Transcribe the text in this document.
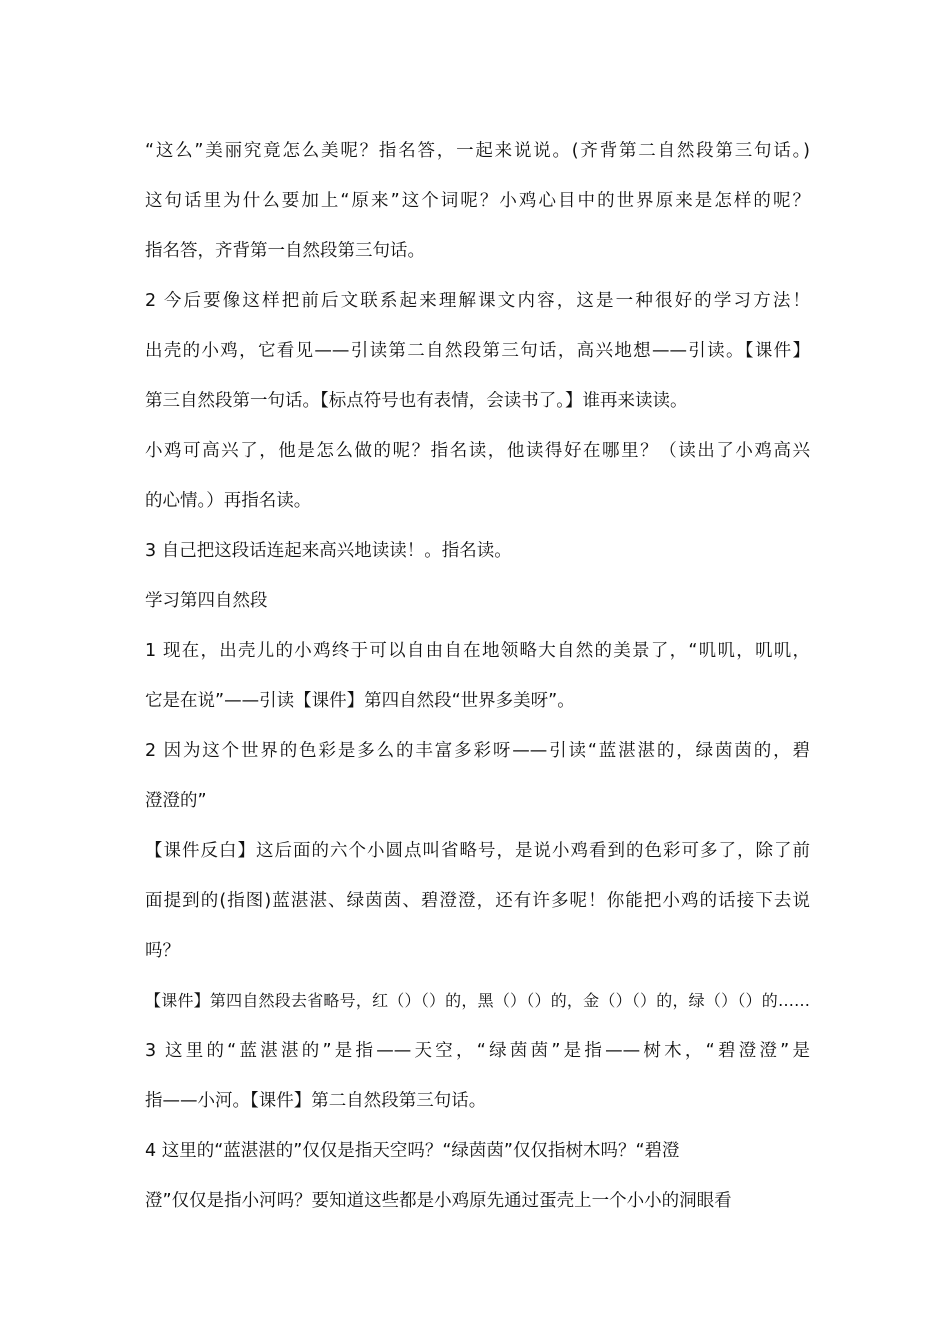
“这么”美丽究竟怎么美呢？指名答，一起来说说。(齐背第二自然段第三句话。)
这句话里为什么要加上“原来”这个词呢？小鸡心目中的世界原来是怎样的呢？
指名答，齐背第一自然段第三句话。
2 今后要像这样把前后文联系起来理解课文内容，这是一种很好的学习方法！
出壳的小鸡，它看见——引读第二自然段第三句话，高兴地想——引读。【课件】
第三自然段第一句话。【标点符号也有表情，会读书了。】谁再来读读。
小鸡可高兴了，他是怎么做的呢？指名读，他读得好在哪里？（读出了小鸡高兴
的心情。）再指名读。
3 自己把这段话连起来高兴地读读！。指名读。
学习第四自然段
1 现在，出壳儿的小鸡终于可以自由自在地领略大自然的美景了，“叽叽，叽叽，
它是在说”——引读【课件】第四自然段“世界多美呀”。
2 因为这个世界的色彩是多么的丰富多彩呀——引读“蓝湛湛的，绿茵茵的，碧
澄澄的”
【课件反白】这后面的六个小圆点叫省略号，是说小鸡看到的色彩可多了，除了前
面提到的(指图)蓝湛湛、绿茵茵、碧澄澄，还有许多呢！你能把小鸡的话接下去说
吗？
【课件】第四自然段去省略号，红（）（）的，黑（）（）的，金（）（）的，绿（）（）的……
3 这里的“蓝湛湛的”是指——天空，“绿茵茵”是指——树木，“碧澄澄”是
指——小河。【课件】第二自然段第三句话。
4 这里的“蓝湛湛的”仅仅是指天空吗？“绿茵茵”仅仅指树木吗？“碧澄
澄”仅仅是指小河吗？要知道这些都是小鸡原先通过蛋壳上一个小小的洞眼看
